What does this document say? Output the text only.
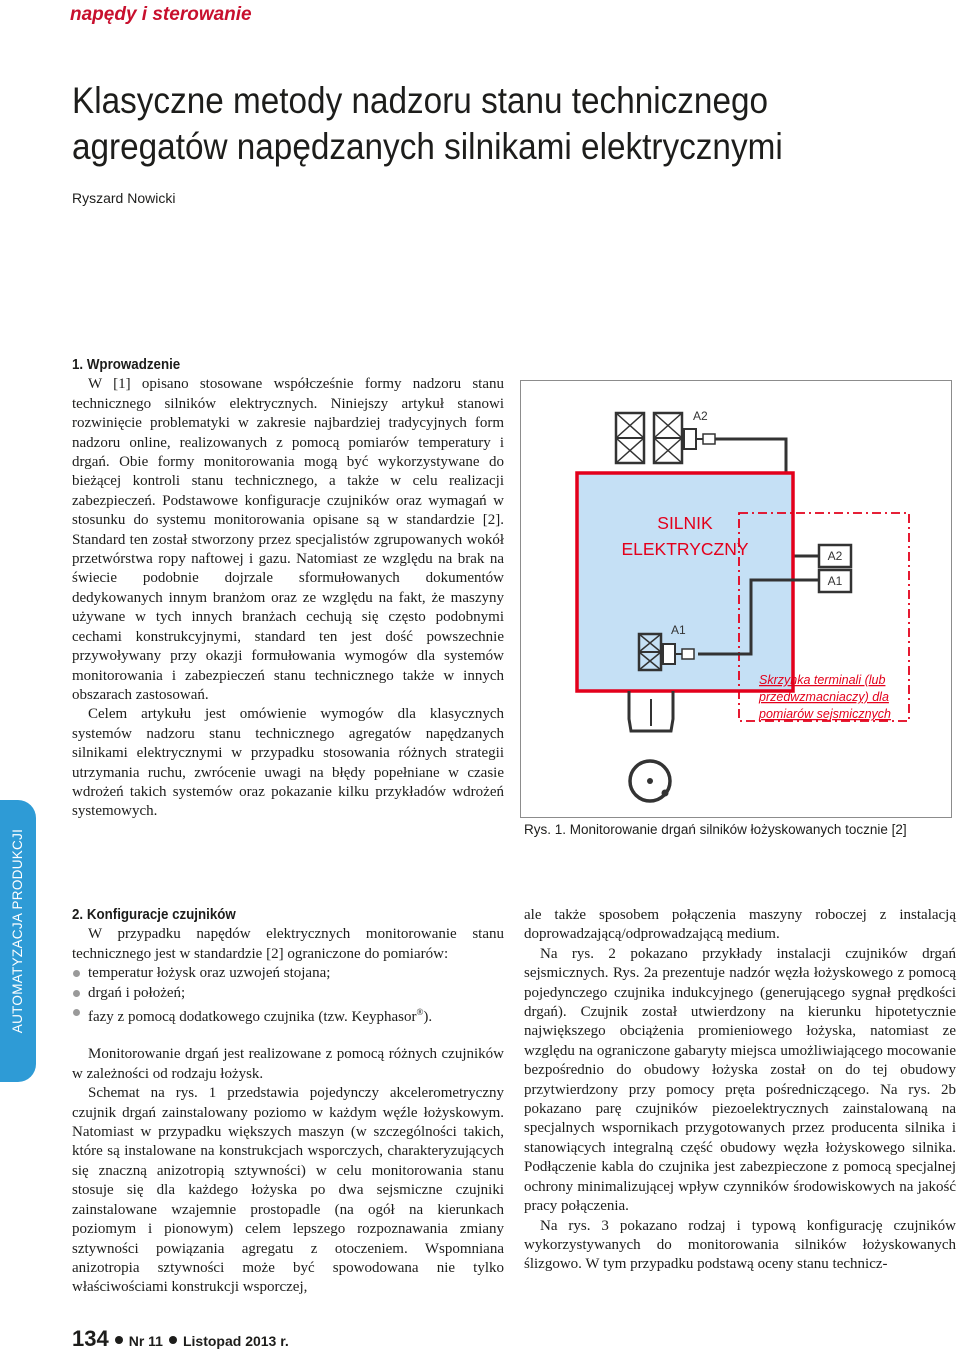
napędy i sterowanie
Klasyczne metody nadzoru stanu technicznego
agregatów napędzanych silnikami elektrycznymi
Ryszard Nowicki
AUTOMATYZACJA PRODUKCJI
1. Wprowadzenie

W [1] opisano stosowane współcześnie formy nadzoru stanu technicznego silników elektrycznych. Niniejszy artykuł stanowi rozwinięcie problematyki w zakresie najbardziej tradycyjnych form nadzoru online, realizowanych z pomocą pomiarów temperatury i drgań. Obie formy monitorowania mogą być wykorzystywane do bieżącej kontroli stanu technicznego, a także w celu realizacji zabezpieczeń. Podstawowe konfiguracje czujników oraz wymagań w stosunku do systemu monitorowania opisane są w standardzie [2]. Standard ten został stworzony przez specjalistów zgrupowanych wokół przetwórstwa ropy naftowej i gazu. Natomiast ze względu na brak na świecie podobnie dojrzale sformułowanych dokumentów dedykowanych innym branżom oraz ze względu na fakt, że maszyny używane w tych innych branżach cechują się często podobnymi cechami konstrukcyjnymi, standard ten jest dość powszechnie przywoływany przy okazji formułowania wymogów dla systemów monitorowania i zabezpieczeń stanu technicznego także w innych obszarach zastosowań.

Celem artykułu jest omówienie wymogów dla klasycznych systemów nadzoru stanu technicznego agregatów napędzanych silnikami elektrycznymi w przypadku stosowania różnych strategii utrzymania ruchu, zwrócenie uwagi na błędy popełniane w czasie wdrożeń takich systemów oraz pokazanie kilku przykładów wdrożeń systemowych.

A2
SILNIK
ELEKTRYCZNY	A2
A1
A1
Skrzynka terminali (lub
przedwzmacniaczy) dla
pomiarów sejsmicznych
Rys. 1. Monitorowanie drgań silników łożyskowanych tocznie [2]
2. Konfiguracje czujników

W przypadku napędów elektrycznych monitorowanie stanu technicznego jest w standardzie [2] ograniczone do pomiarów:

temperatur łożysk oraz uzwojeń stojana;
drgań i położeń;
fazy z pomocą dodatkowego czujnika (tzw. Keyphasor®).

Monitorowanie drgań jest realizowane z pomocą różnych czujników w zależności od rodzaju łożysk.

Schemat na rys. 1 przedstawia pojedynczy akcelerometryczny czujnik drgań zainstalowany poziomo w każdym węźle łożyskowym. Natomiast w przypadku większych maszyn (w szczególności takich, które są instalowane na konstrukcjach wsporczych, charakteryzujących się znaczną anizotropią sztywności) w celu monitorowania stanu stosuje się dla każdego łożyska po dwa sejsmiczne czujniki zainstalowane wzajemnie prostopadle (na ogół na kierunkach poziomym i pionowym) celem lepszego rozpoznawania zmiany sztywności powiązania agregatu z otoczeniem. Wspomniana anizotropia sztywności może być spowodowana nie tylko właściwościami konstrukcji wsporczej,

ale także sposobem połączenia maszyny roboczej z instalacją doprowadzającą/odprowadzającą medium.

Na rys. 2 pokazano przykłady instalacji czujników drgań sejsmicznych. Rys. 2a prezentuje nadzór węzła łożyskowego z pomocą pojedynczego czujnika indukcyjnego (generującego sygnał prędkości drgań). Czujnik został utwierdzony na kierunku hipotetycznie największego obciążenia promieniowego łożyska, natomiast ze względu na ograniczone gabaryty miejsca umożliwiającego mocowanie bezpośrednio do obudowy łożyska został on do tej obudowy przytwierdzony przy pomocy pręta pośredniczącego. Na rys. 2b pokazano parę czujników piezoelektrycznych zainstalowaną na specjalnych wspornikach przygotowanych przez producenta silnika i stanowiących integralną część obudowy węzła łożyskowego silnika. Podłączenie kabla do czujnika jest zabezpieczone z pomocą specjalnej ochrony minimalizującej wpływ czynników środowiskowych na jakość pracy połączenia.

Na rys. 3 pokazano rodzaj i typową konfigurację czujników wykorzystywanych do monitorowania silników łożyskowanych ślizgowo. W tym przypadku podstawą oceny stanu technicz-

134 Nr 11 Listopad 2013 r.
